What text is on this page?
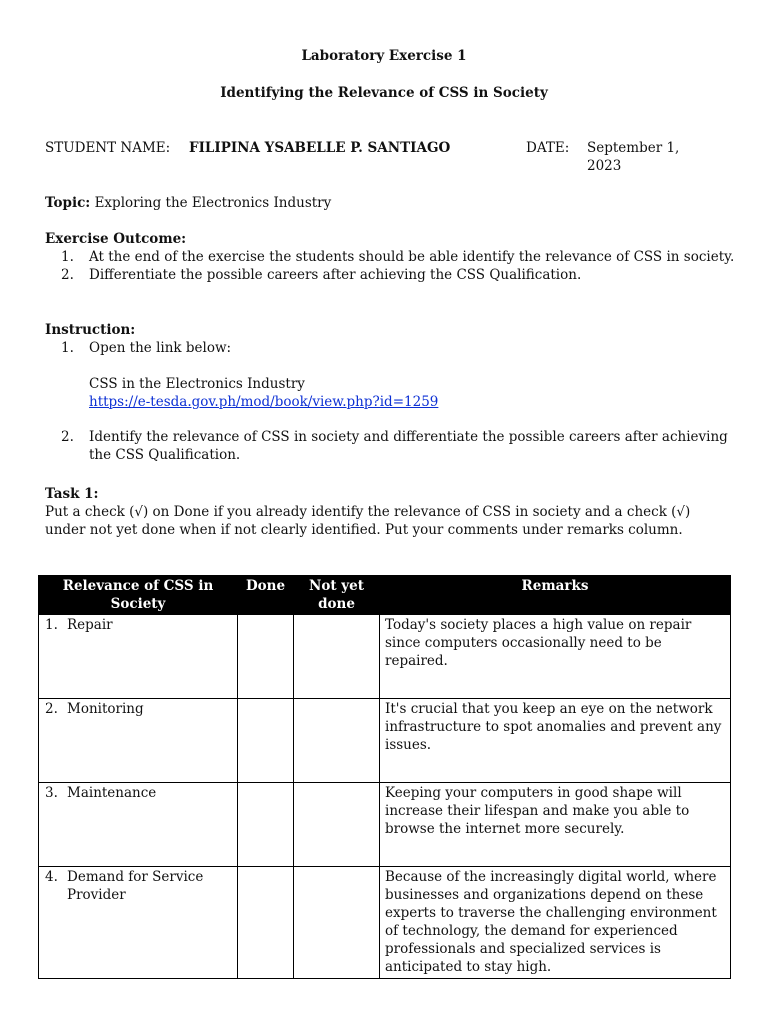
Laboratory Exercise 1

Identifying the Relevance of CSS in Society

STUDENT NAME: FILIPINA YSABELLE P. SANTIAGO	DATE: September 1,

2023

Topic: Exploring the Electronics Industry

Exercise Outcome:

1. At the end of the exercise the students should be able identify the relevance of CSS in society.
2. Differentiate the possible careers after achieving the CSS Qualification.

Instruction:

1. Open the link below:
CSS in the Electronics Industry
https://e-tesda.gov.ph/mod/book/view.php?id=1259
2. Identify the relevance of CSS in society and differentiate the possible careers after achieving the CSS Qualification.

Task 1:

Put a check (√) on Done if you already identify the relevance of CSS in society and a check (√) under not yet done when if not clearly identified. Put your comments under remarks column.

Relevance of CSS in Society	Done	Not yet done	Remarks

1. Repair			Today's society places a high value on repair since computers occasionally need to be repaired.

2. Monitoring			It's crucial that you keep an eye on the network infrastructure to spot anomalies and prevent any issues.

3. Maintenance			Keeping your computers in good shape will increase their lifespan and make you able to browse the internet more securely.

4. Demand for Service Provider			Because of the increasingly digital world, where businesses and organizations depend on these experts to traverse the challenging environment of technology, the demand for experienced professionals and specialized services is anticipated to stay high.
